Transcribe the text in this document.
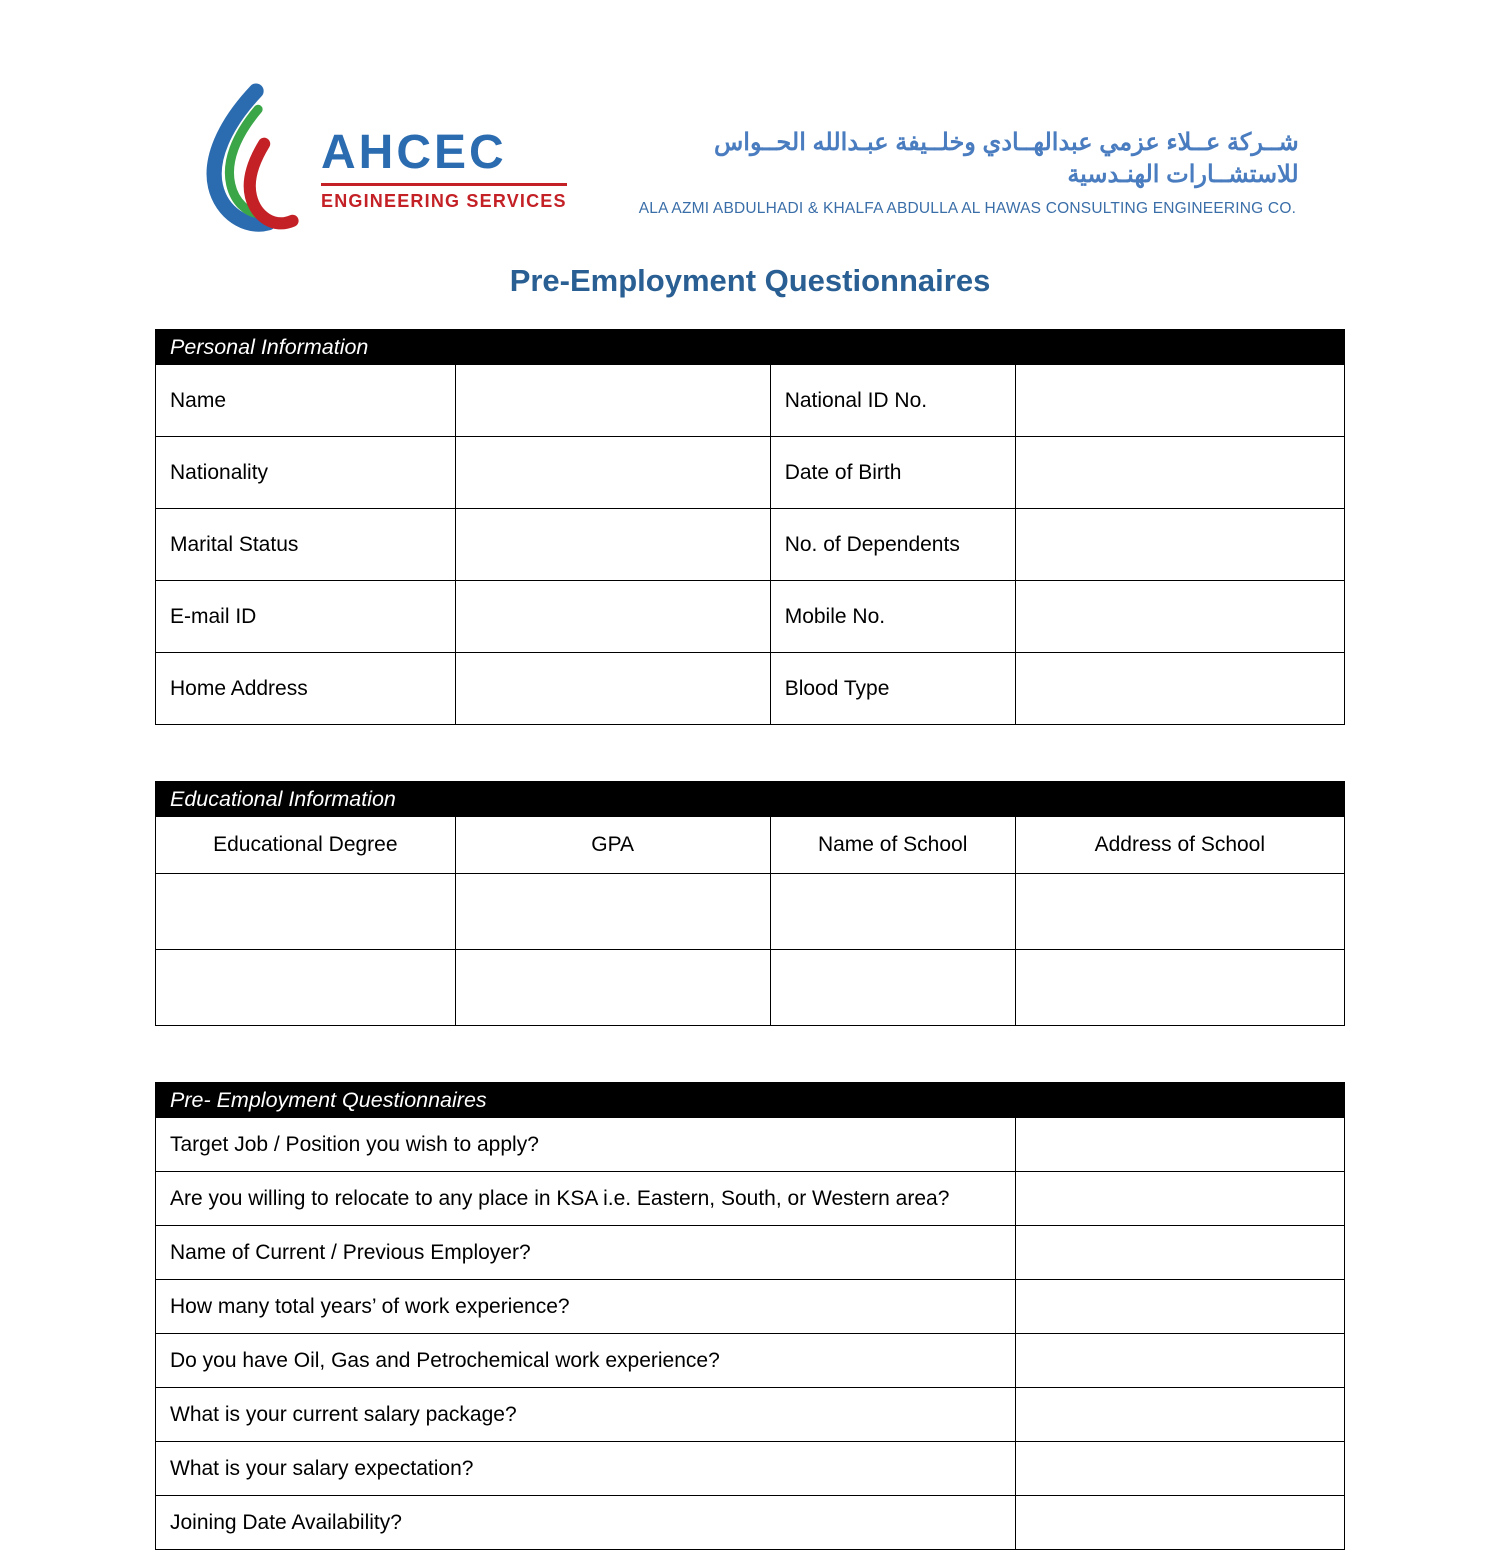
AHCEC
ENGINEERING SERVICES
شــركة عــلاء عزمي عبدالهــادي وخلــيفة عبـدالله الحــواس للاستشــارات الهنـدسية
ALA AZMI ABDULHADI & KHALFA ABDULLA AL HAWAS CONSULTING ENGINEERING CO.
Pre-Employment Questionnaires
Personal Information			
Name		National ID No.	
Nationality		Date of Birth	
Marital Status		No. of Dependents	
E-mail ID		Mobile No.	
Home Address		Blood Type	
Educational Information			
Educational Degree	GPA	Name of School	Address of School

Pre- Employment Questionnaires	
Target Job / Position you wish to apply?	
Are you willing to relocate to any place in KSA i.e. Eastern, South, or Western area?	
Name of Current / Previous Employer?	
How many total years’ of work experience?	
Do you have Oil, Gas and Petrochemical work experience?	
What is your current salary package?	
What is your salary expectation?	
Joining Date Availability?	
